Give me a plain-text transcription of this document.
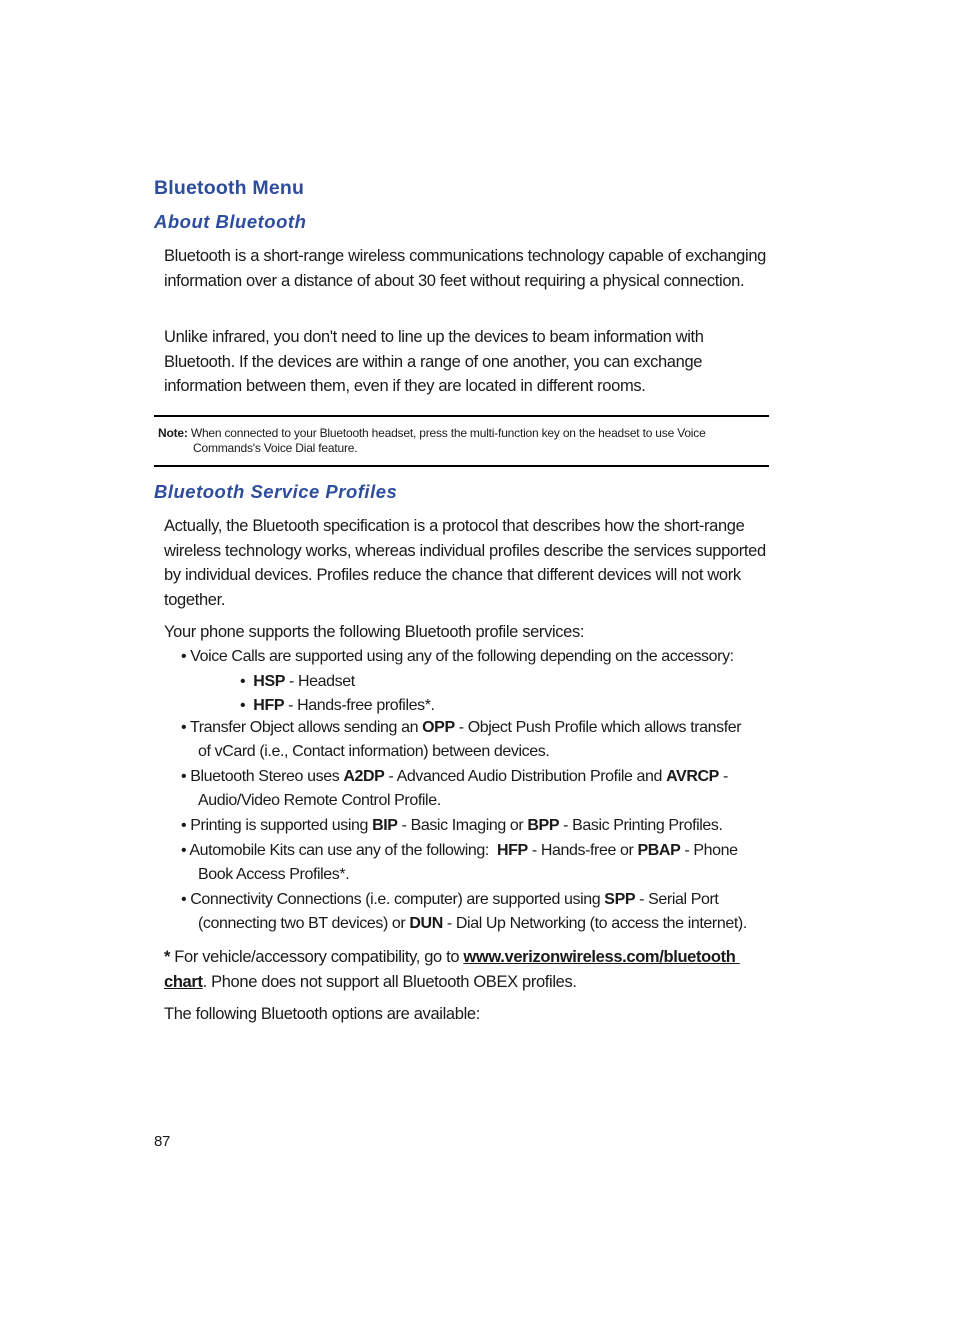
Bluetooth Menu
About Bluetooth
Bluetooth is a short-range wireless communications technology capable of exchanging information over a distance of about 30 feet without requiring a physical connection.
Unlike infrared, you don't need to line up the devices to beam information with Bluetooth. If the devices are within a range of one another, you can exchange information between them, even if they are located in different rooms.
Note: When connected to your Bluetooth headset, press the multi-function key on the headset to use Voice
Commands's Voice Dial feature.
Bluetooth Service Profiles
Actually, the Bluetooth specification is a protocol that describes how the short-range wireless technology works, whereas individual profiles describe the services supported by individual devices. Profiles reduce the chance that different devices will not work together.
Your phone supports the following Bluetooth profile services:
• Voice Calls are supported using any of the following depending on the accessory:
• HSP - Headset
• HFP - Hands-free profiles*.
• Transfer Object allows sending an OPP - Object Push Profile which allows transfer
of vCard (i.e., Contact information) between devices.
• Bluetooth Stereo uses A2DP - Advanced Audio Distribution Profile and AVRCP -
Audio/Video Remote Control Profile.
• Printing is supported using BIP - Basic Imaging or BPP - Basic Printing Profiles.
• Automobile Kits can use any of the following:  HFP - Hands-free or PBAP - Phone
Book Access Profiles*.
• Connectivity Connections (i.e. computer) are supported using SPP - Serial Port
(connecting two BT devices) or DUN - Dial Up Networking (to access the internet).
* For vehicle/accessory compatibility, go to www.verizonwireless.com/bluetooth
chart. Phone does not support all Bluetooth OBEX profiles.
The following Bluetooth options are available:
87
